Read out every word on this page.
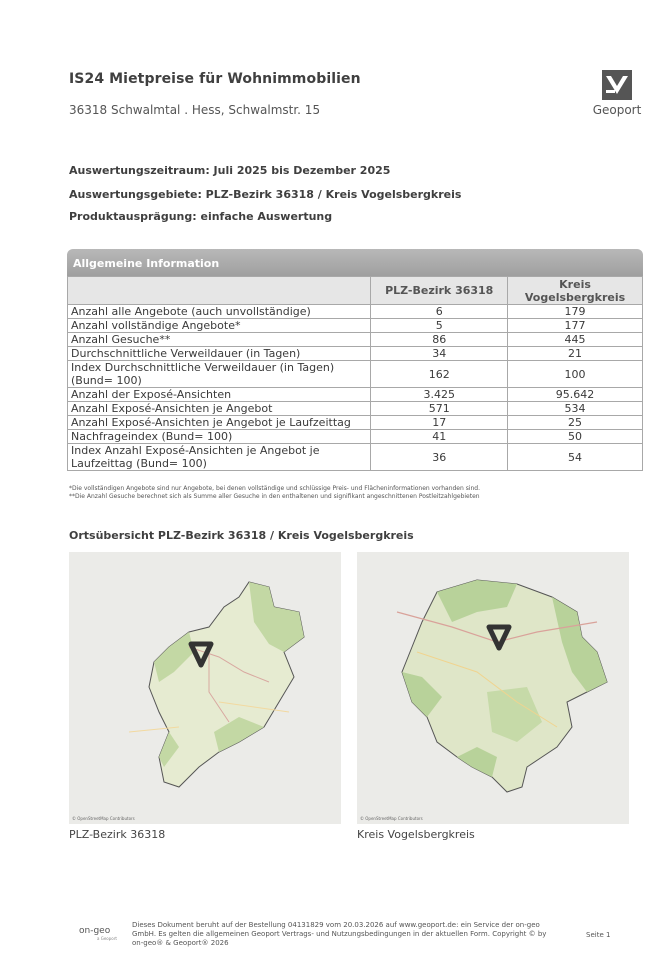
IS24 Mietpreise für Wohnimmobilien
36318 Schwalmtal . Hess, Schwalmstr. 15	Geoport
Auswertungszeitraum: Juli 2025 bis Dezember 2025
Auswertungsgebiete: PLZ-Bezirk 36318 / Kreis Vogelsbergkreis
Produktausprägung: einfache Auswertung
Allgemeine Information
	PLZ-Bezirk 36318	Kreis Vogelsbergkreis
Anzahl alle Angebote (auch unvollständige)	6	179
Anzahl vollständige Angebote*	5	177
Anzahl Gesuche**	86	445
Durchschnittliche Verweildauer (in Tagen)	34	21
Index Durchschnittliche Verweildauer (in Tagen) (Bund= 100)	162	100
Anzahl der Exposé-Ansichten	3.425	95.642
Anzahl Exposé-Ansichten je Angebot	571	534
Anzahl Exposé-Ansichten je Angebot je Laufzeittag	17	25
Nachfrageindex (Bund= 100)	41	50
Index Anzahl Exposé-Ansichten je Angebot je Laufzeittag (Bund= 100)	36	54
*Die vollständigen Angebote sind nur Angebote, bei denen vollständige und schlüssige Preis- und Flächeninformationen vorhanden sind.
**Die Anzahl Gesuche berechnet sich als Summe aller Gesuche in den enthaltenen und signifikant angeschnittenen Postleitzahlgebieten
Ortsübersicht PLZ-Bezirk 36318 / Kreis Vogelsbergkreis
© OpenStreetMap Contributors	© OpenStreetMap Contributors
PLZ-Bezirk 36318	Kreis Vogelsbergkreis
on-geo
a Geoport
Dieses Dokument beruht auf der Bestellung 04131829 vom 20.03.2026 auf www.geoport.de: ein Service der on-geo GmbH. Es gelten die allgemeinen Geoport Vertrags- und Nutzungsbedingungen in der aktuellen Form. Copyright © by on-geo® & Geoport® 2026
Seite 1
